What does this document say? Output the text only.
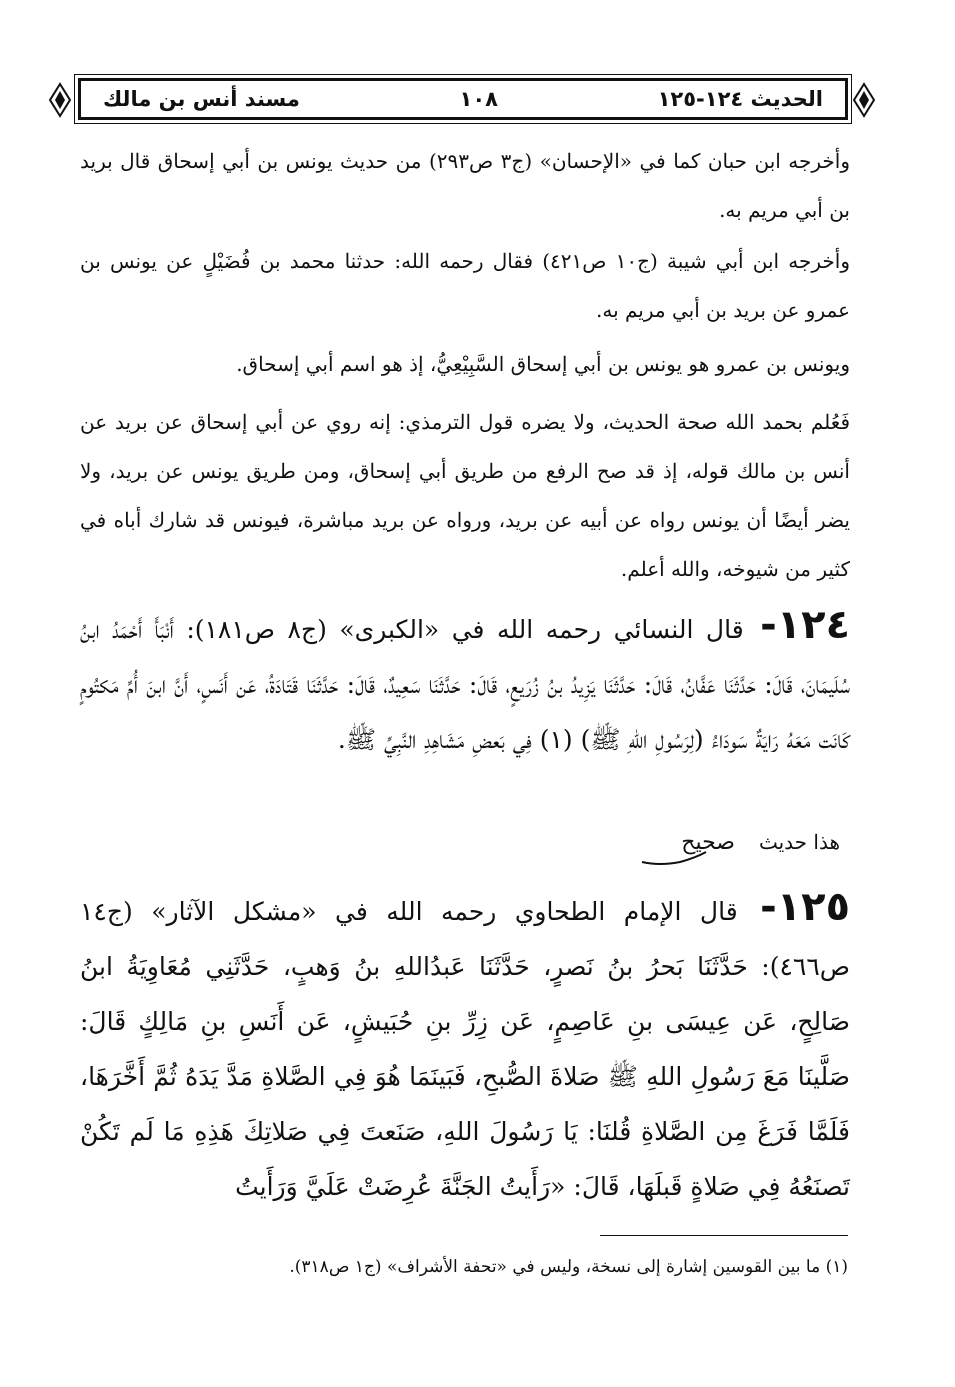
الحديث ١٢٤-١٢٥
١٠٨
مسند أنس بن مالك
وأخرجه ابن حبان كما في «الإحسان» (ج٣ ص٢٩٣) من حديث يونس بن أبي إسحاق قال بريد بن أبي مريم به.
وأخرجه ابن أبي شيبة (ج١٠ ص٤٢١) فقال رحمه الله: حدثنا محمد بن فُضَيْلٍ عن يونس بن عمرو عن بريد بن أبي مريم به.
ويونس بن عمرو هو يونس بن أبي إسحاق السَّبِيْعِيُّ، إذ هو اسم أبي إسحاق.
فَعُلم بحمد الله صحة الحديث، ولا يضره قول الترمذي: إنه روي عن أبي إسحاق عن بريد عن أنس بن مالك قوله، إذ قد صح الرفع من طريق أبي إسحاق، ومن طريق يونس عن بريد، ولا يضر أيضًا أن يونس رواه عن أبيه عن بريد، ورواه عن بريد مباشرة، فيونس قد شارك أباه في كثير من شيوخه، والله أعلم.
١٢٤- قال النسائي رحمه الله في «الكبرى» (ج٨ ص١٨١): أَنْبَأَ أَحْمَدُ ابنُ سُلَيمَانَ، قَالَ: حَدَّثَنَا عَفَّانُ، قَالَ: حَدَّثَنَا يَزِيدُ بنُ زُرَيعٍ، قَالَ: حَدَّثَنَا سَعِيدٌ، قَالَ: حَدَّثَنَا قَتَادَةُ، عَن أَنَسٍ، أَنَّ ابنَ أُمِّ مَكتُومٍ كَانَت مَعَهُ رَايَةٌ سَودَاءُ (لِرَسُولِ اللهِ ﷺ) (١) فِي بَعضِ مَشَاهِدِ النَّبِيِّ ﷺ.
هذا حديث
صحيح
١٢٥- قال الإمام الطحاوي رحمه الله في «مشكل الآثار» (ج١٤ ص٤٦٦): حَدَّثَنَا بَحرُ بنُ نَصرٍ، حَدَّثَنَا عَبدُاللهِ بنُ وَهبٍ، حَدَّثَنِي مُعَاوِيَةُ ابنُ صَالِحٍ، عَن عِيسَى بنِ عَاصِمٍ، عَن زِرِّ بنِ حُبَيشٍ، عَن أَنَسِ بنِ مَالِكٍ قَالَ: صَلَّينَا مَعَ رَسُولِ اللهِ ﷺ صَلاةَ الصُّبحِ، فَبَينَمَا هُوَ فِي الصَّلاةِ مَدَّ يَدَهُ ثُمَّ أَخَّرَهَا، فَلَمَّا فَرَغَ مِن الصَّلاةِ قُلنَا: يَا رَسُولَ اللهِ، صَنَعتَ فِي صَلاتِكَ هَذِهِ مَا لَم تَكُنْ تَصنَعُهُ فِي صَلاةٍ قَبلَهَا، قَالَ: «رَأَيتُ الجَنَّةَ عُرِضَتْ عَلَيَّ وَرَأَيتُ
(١) ما بين القوسين إشارة إلى نسخة، وليس في «تحفة الأشراف» (ج١ ص٣١٨).
